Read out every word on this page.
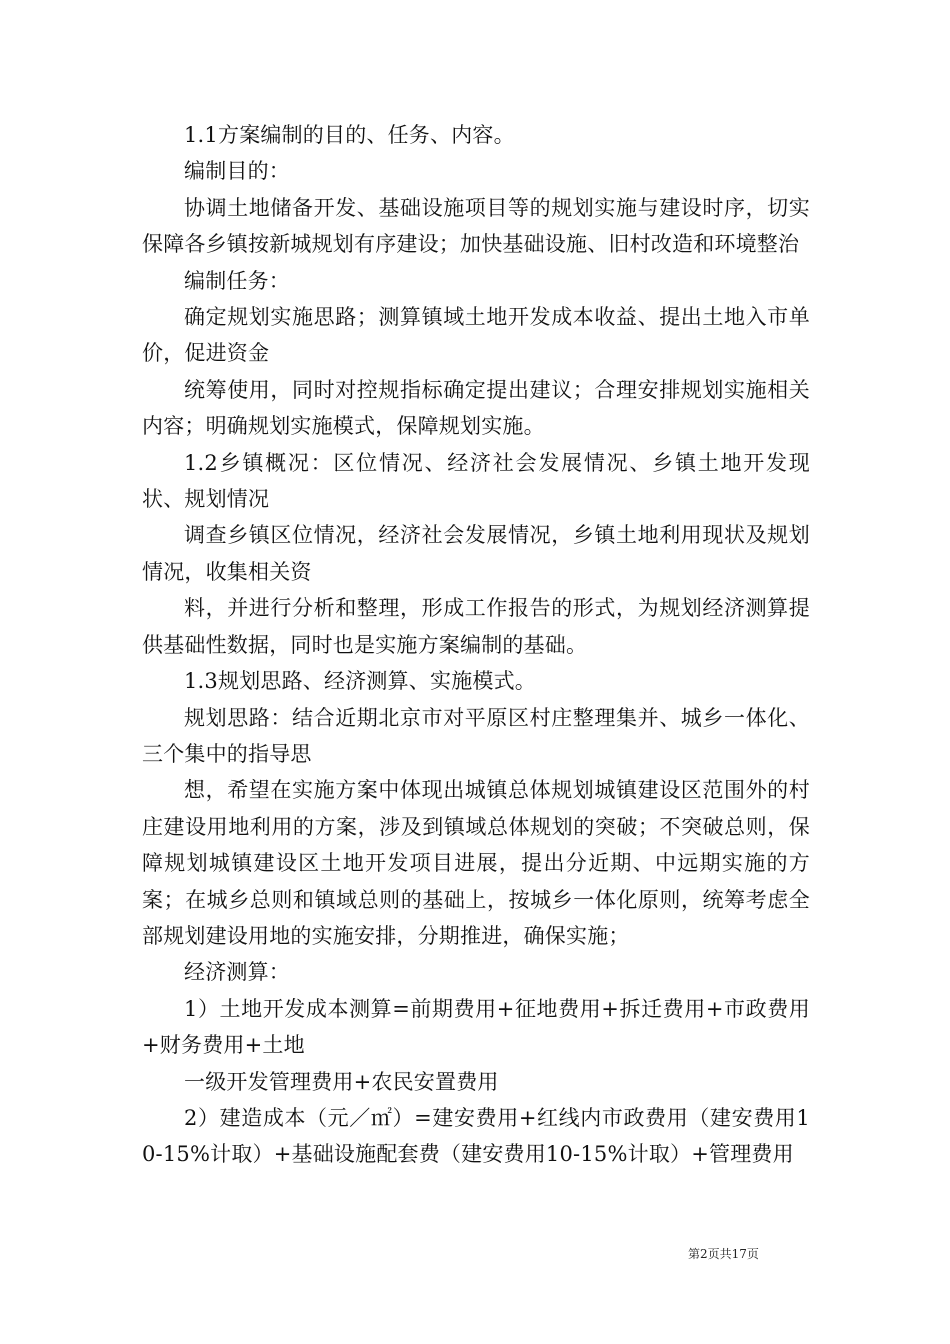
1.1方案编制的目的、任务、内容。

编制目的：

协调土地储备开发、基础设施项目等的规划实施与建设时序，切实保障各乡镇按新城规划有序建设；加快基础设施、旧村改造和环境整治

编制任务：

确定规划实施思路；测算镇域土地开发成本收益、提出土地入市单价，促进资金

统筹使用，同时对控规指标确定提出建议；合理安排规划实施相关内容；明确规划实施模式，保障规划实施。

1.2乡镇概况：区位情况、经济社会发展情况、乡镇土地开发现状、规划情况

调查乡镇区位情况，经济社会发展情况，乡镇土地利用现状及规划情况，收集相关资

料，并进行分析和整理，形成工作报告的形式，为规划经济测算提供基础性数据，同时也是实施方案编制的基础。

1.3规划思路、经济测算、实施模式。

规划思路：结合近期北京市对平原区村庄整理集并、城乡一体化、三个集中的指导思

想，希望在实施方案中体现出城镇总体规划城镇建设区范围外的村庄建设用地利用的方案，涉及到镇域总体规划的突破；不突破总则，保障规划城镇建设区土地开发项目进展，提出分近期、中远期实施的方案；在城乡总则和镇域总则的基础上，按城乡一体化原则，统筹考虑全部规划建设用地的实施安排，分期推进，确保实施；

经济测算：

1）土地开发成本测算=前期费用+征地费用+拆迁费用+市政费用+财务费用+土地

一级开发管理费用+农民安置费用

2）建造成本（元／㎡）=建安费用+红线内市政费用（建安费用10-15%计取）+基础设施配套费（建安费用10-15%计取）+管理费用

第2页共17页
